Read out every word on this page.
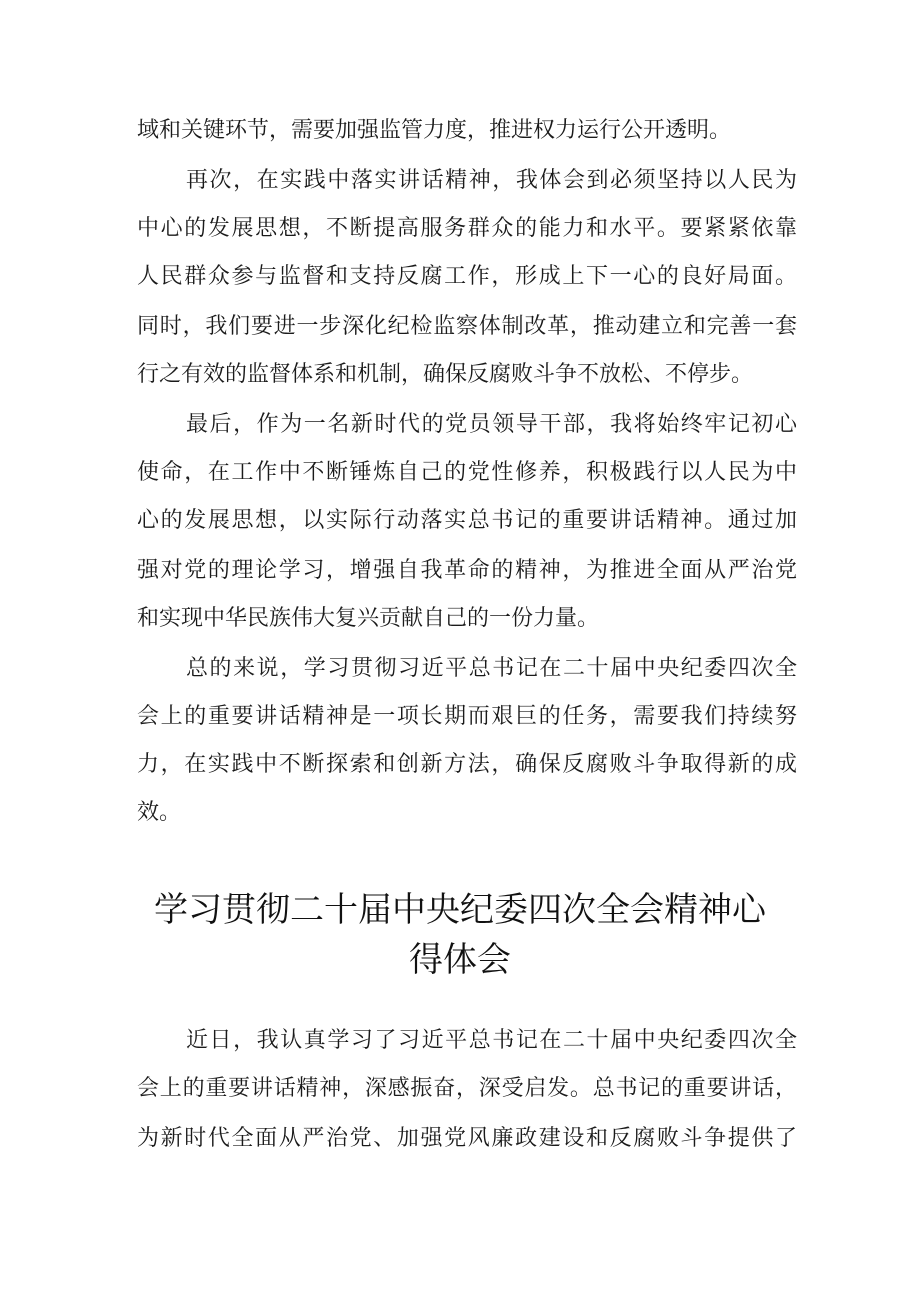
域和关键环节，需要加强监管力度，推进权力运行公开透明。
再次，在实践中落实讲话精神，我体会到必须坚持以人民为
中心的发展思想，不断提高服务群众的能力和水平。要紧紧依靠
人民群众参与监督和支持反腐工作，形成上下一心的良好局面。
同时，我们要进一步深化纪检监察体制改革，推动建立和完善一套
行之有效的监督体系和机制，确保反腐败斗争不放松、不停步。
最后，作为一名新时代的党员领导干部，我将始终牢记初心
使命，在工作中不断锤炼自己的党性修养，积极践行以人民为中
心的发展思想，以实际行动落实总书记的重要讲话精神。通过加
强对党的理论学习，增强自我革命的精神，为推进全面从严治党
和实现中华民族伟大复兴贡献自己的一份力量。
总的来说，学习贯彻习近平总书记在二十届中央纪委四次全
会上的重要讲话精神是一项长期而艰巨的任务，需要我们持续努
力，在实践中不断探索和创新方法，确保反腐败斗争取得新的成
效。
学习贯彻二十届中央纪委四次全会精神心
得体会
近日，我认真学习了习近平总书记在二十届中央纪委四次全
会上的重要讲话精神，深感振奋，深受启发。总书记的重要讲话，
为新时代全面从严治党、加强党风廉政建设和反腐败斗争提供了
